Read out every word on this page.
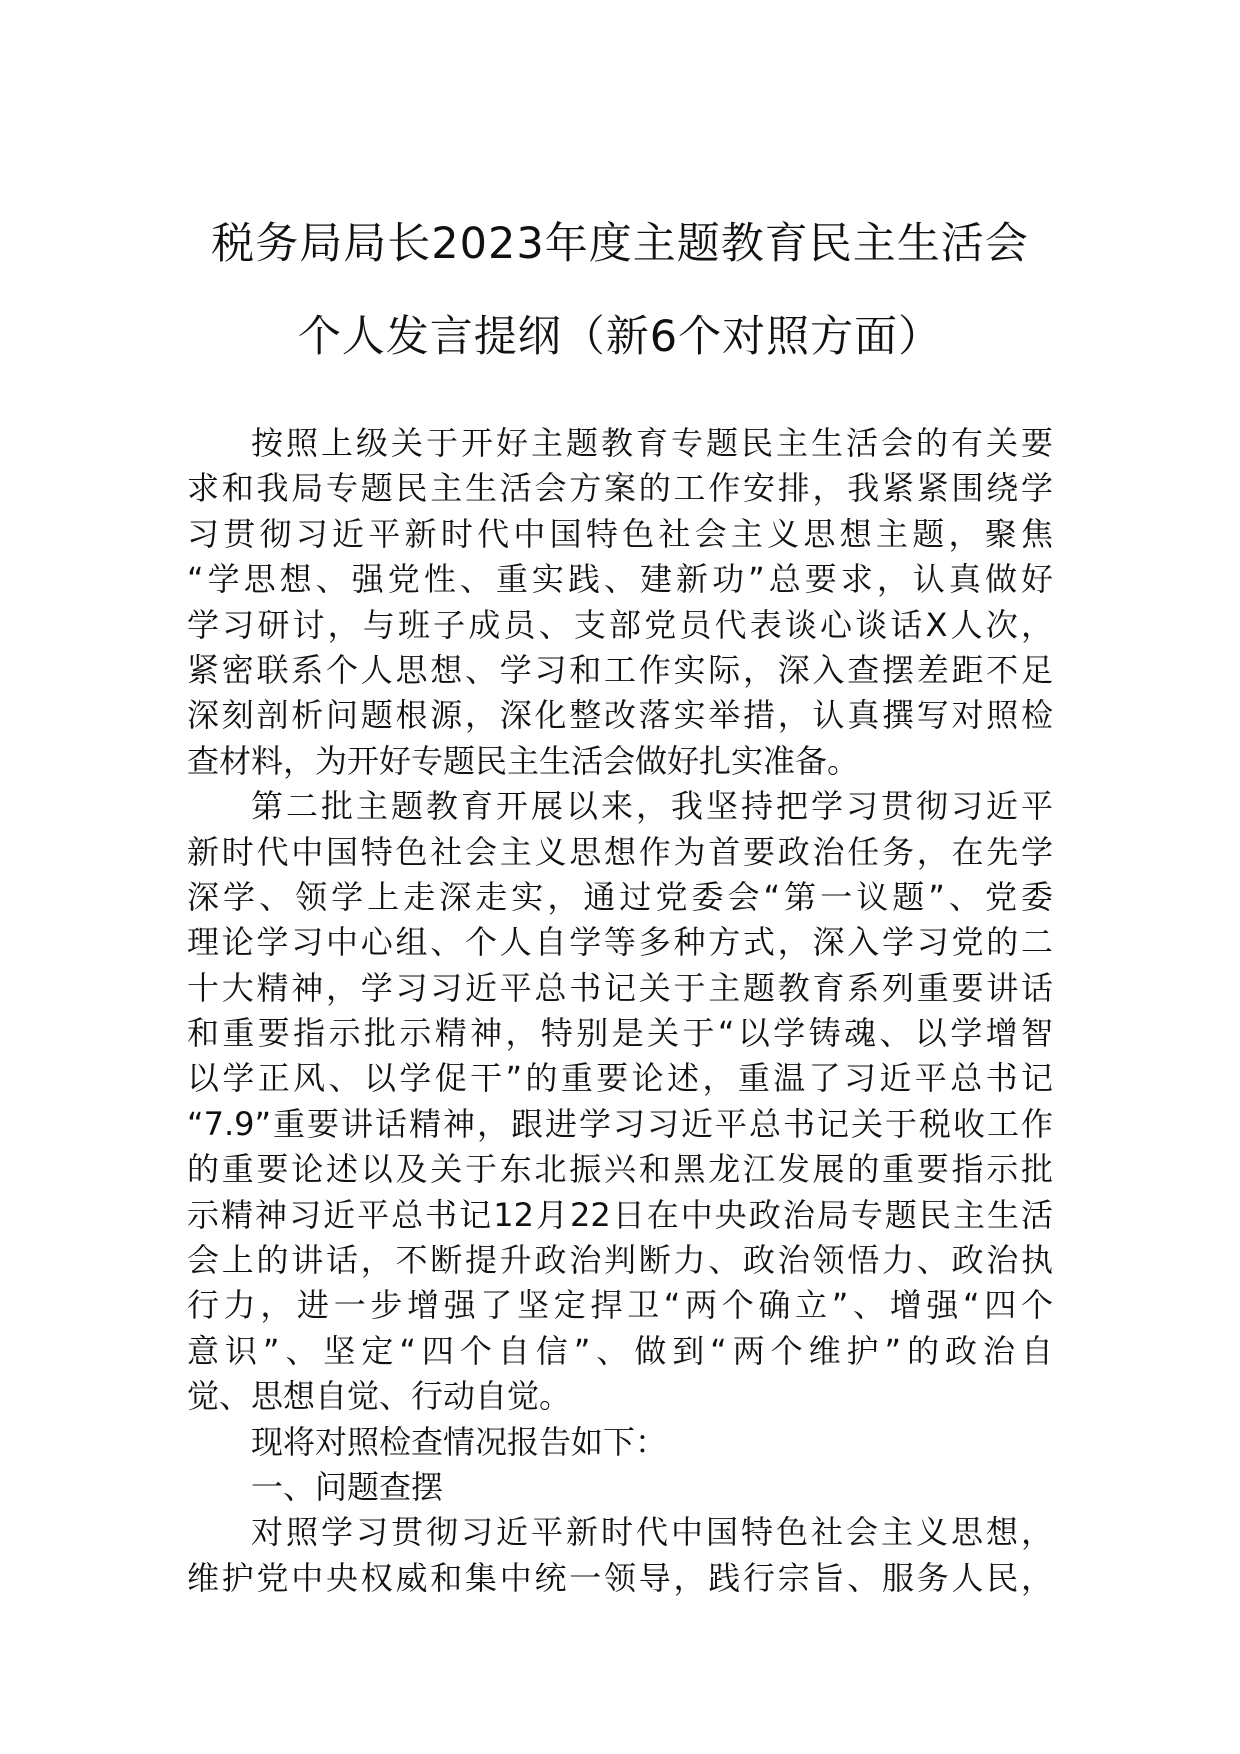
税务局局长2023年度主题教育民主生活会
个人发言提纲（新6个对照方面）
按照上级关于开好主题教育专题民主生活会的有关要
求和我局专题民主生活会方案的工作安排，我紧紧围绕学
习贯彻习近平新时代中国特色社会主义思想主题，聚焦
“学思想、强党性、重实践、建新功”总要求，认真做好
学习研讨，与班子成员、支部党员代表谈心谈话X人次，
紧密联系个人思想、学习和工作实际，深入查摆差距不足
深刻剖析问题根源，深化整改落实举措，认真撰写对照检
查材料，为开好专题民主生活会做好扎实准备。
第二批主题教育开展以来，我坚持把学习贯彻习近平
新时代中国特色社会主义思想作为首要政治任务，在先学
深学、领学上走深走实，通过党委会“第一议题”、党委
理论学习中心组、个人自学等多种方式，深入学习党的二
十大精神，学习习近平总书记关于主题教育系列重要讲话
和重要指示批示精神，特别是关于“以学铸魂、以学增智
以学正风、以学促干”的重要论述，重温了习近平总书记
“7.9”重要讲话精神，跟进学习习近平总书记关于税收工作
的重要论述以及关于东北振兴和黑龙江发展的重要指示批
示精神习近平总书记12月22日在中央政治局专题民主生活
会上的讲话，不断提升政治判断力、政治领悟力、政治执
行力，进一步增强了坚定捍卫“两个确立”、增强“四个
意识”、坚定“四个自信”、做到“两个维护”的政治自
觉、思想自觉、行动自觉。
现将对照检查情况报告如下：
一、问题查摆
对照学习贯彻习近平新时代中国特色社会主义思想，
维护党中央权威和集中统一领导，践行宗旨、服务人民，
